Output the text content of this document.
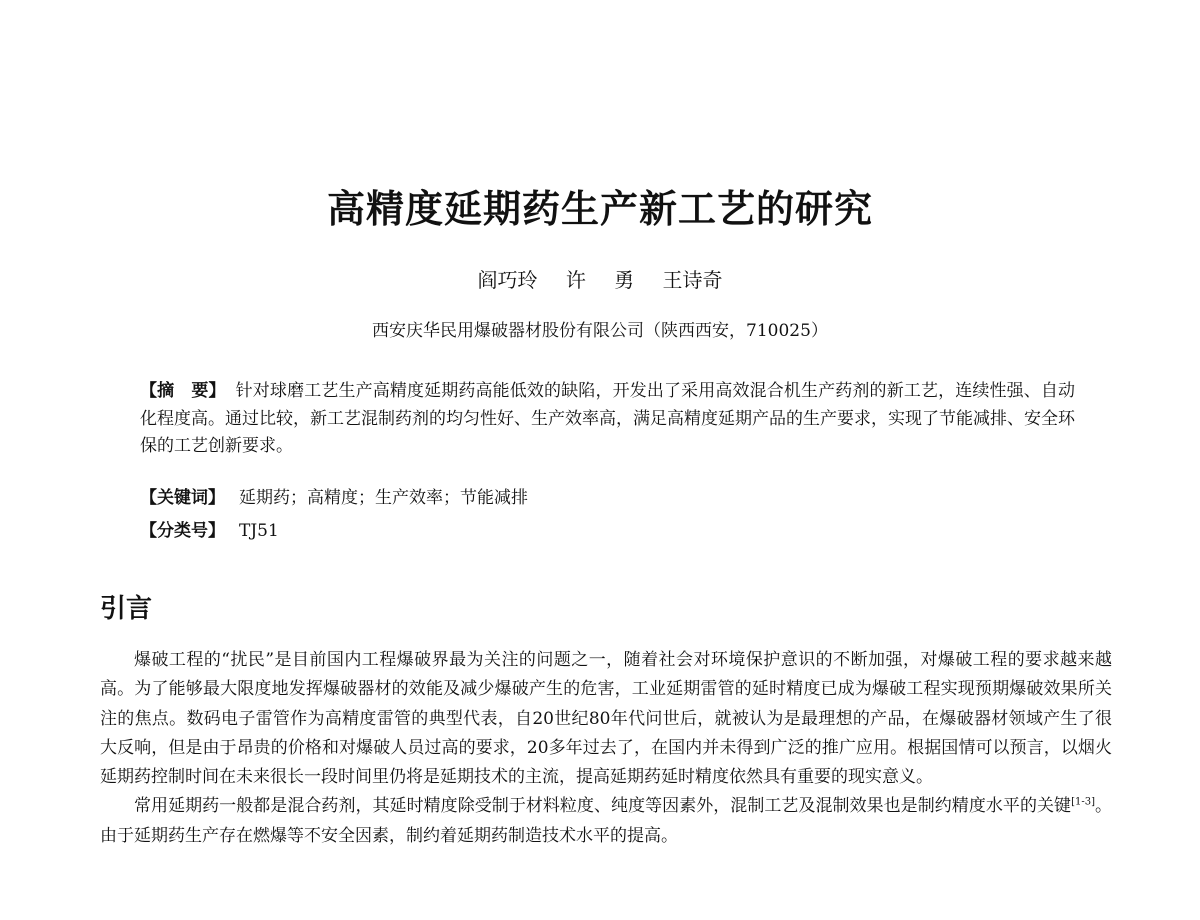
高精度延期药生产新工艺的研究
阎巧玲 许 勇 王诗奇
西安庆华民用爆破器材股份有限公司（陕西西安，710025）

【摘　要】 针对球磨工艺生产高精度延期药高能低效的缺陷，开发出了采用高效混合机生产药剂的新工艺，连续性强、自动化程度高。通过比较，新工艺混制药剂的均匀性好、生产效率高，满足高精度延期产品的生产要求，实现了节能减排、安全环保的工艺创新要求。

【关键词】 延期药；高精度；生产效率；节能减排

【分类号】 TJ51

引言

爆破工程的“扰民”是目前国内工程爆破界最为关注的问题之一，随着社会对环境保护意识的不断加强，对爆破工程的要求越来越高。为了能够最大限度地发挥爆破器材的效能及减少爆破产生的危害，工业延期雷管的延时精度已成为爆破工程实现预期爆破效果所关注的焦点。数码电子雷管作为高精度雷管的典型代表，自20世纪80年代问世后，就被认为是最理想的产品，在爆破器材领域产生了很大反响，但是由于昂贵的价格和对爆破人员过高的要求，20多年过去了，在国内并未得到广泛的推广应用。根据国情可以预言，以烟火延期药控制时间在未来很长一段时间里仍将是延期技术的主流，提高延期药延时精度依然具有重要的现实意义。

常用延期药一般都是混合药剂，其延时精度除受制于材料粒度、纯度等因素外，混制工艺及混制效果也是制约精度水平的关键[1-3]。由于延期药生产存在燃爆等不安全因素，制约着延期药制造技术水平的提高。
